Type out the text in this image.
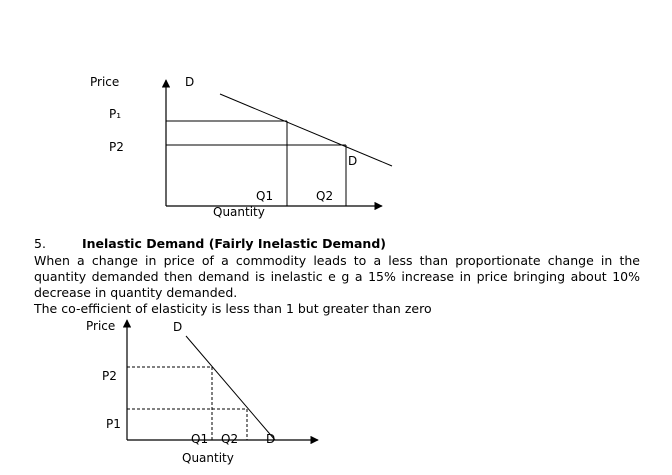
Price	D
P₁
P2
D
Q1	Q2
Quantity
Price	D
P2
P1
Q1 Q2 D
Quantity
5.	Inelastic Demand (Fairly Inelastic Demand)

When a change in price of a commodity leads to a less than proportionate change in the quantity demanded then demand is inelastic e g a 15% increase in price bringing about 10% decrease in quantity demanded.

The co-efficient of elasticity is less than 1 but greater than zero
